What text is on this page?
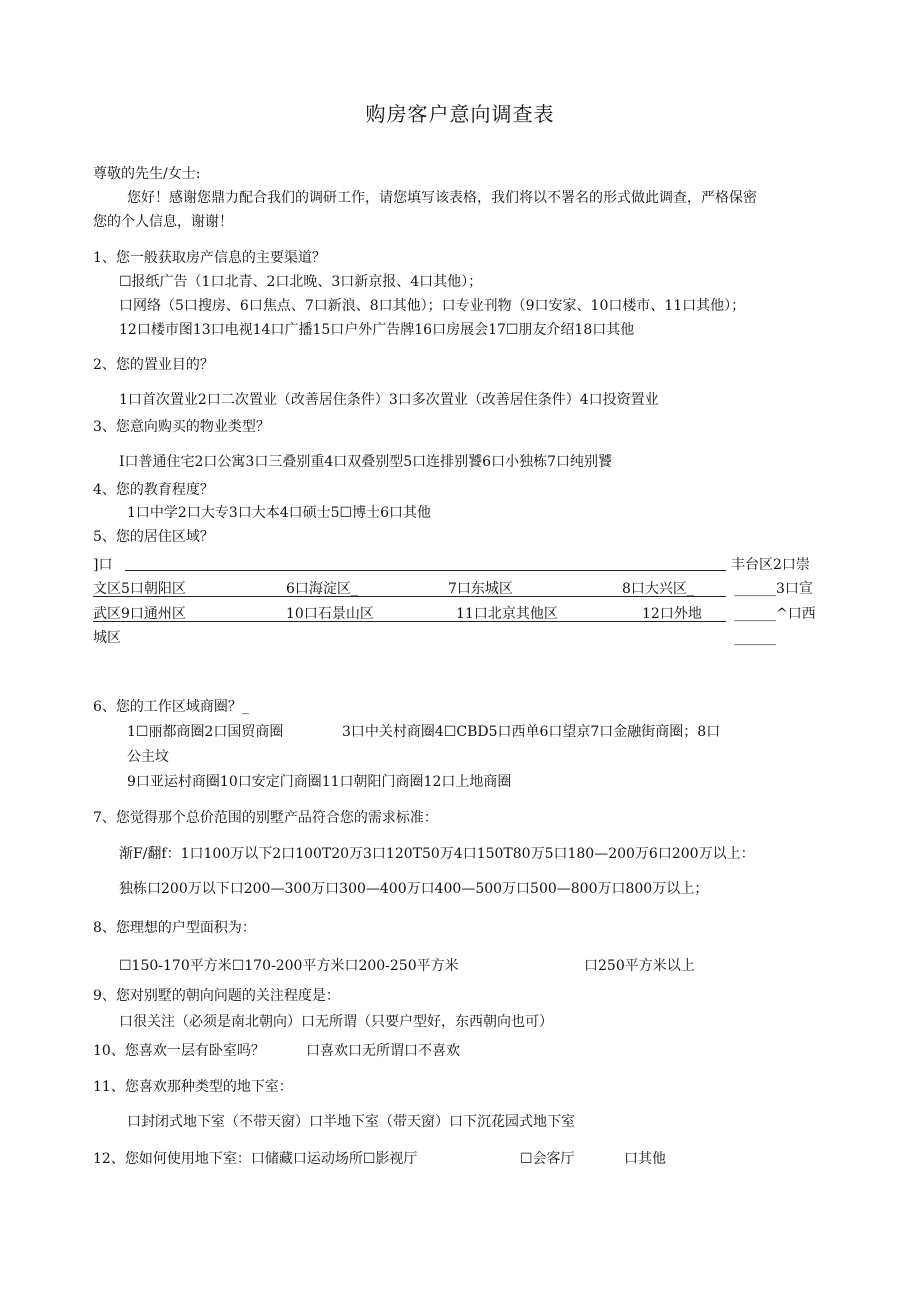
购房客户意向调查表
尊敬的先生/女士:
您好！感谢您鼎力配合我们的调研工作，请您填写该表格，我们将以不署名的形式做此调查，严格保密
您的个人信息，谢谢！
1、您一般获取房产信息的主要渠道？
☐报纸广告（1口北青、2口北晚、3口新京报、4口其他）；
口网络（5口搜房、6口焦点、7口新浪、8口其他）；口专业刊物（9口安家、10口楼市、11口其他）；
12口楼市图13口电视14口广播15口户外广告牌16口房展会17☐朋友介绍18口其他
2、您的置业目的？
1口首次置业2口二次置业（改善居住条件）3口多次置业（改善居住条件）4口投资置业
3、您意向购买的物业类型？
I口普通住宅2口公寓3口三叠别重4口双叠别型5口连排别饕6口小独栋7口纯别饕
4、您的教育程度？
1口中学2口大专3口大本4口硕士5☐博士6口其他
5、您的居住区域？
]口	丰台区2口崇
文区5口朝阳区	6口海淀区_	7口东城区	8口大兴区_	______3口宣
武区9口通州区	10口石景山区	11口北京其他区	12口外地 ______^口西
城区	______
6、您的工作区域商圈？_
1☐丽都商圈2口国贸商圈	3口中关村商圈4☐CBD5口西单6口望京7口金融街商圈；8口
公主坟
9口亚运村商圈10口安定门商圈11口朝阳门商圈12口上地商圈
7、您觉得那个总价范围的别墅产品符合您的需求标准：
渐F/翻f：1口100万以下2口100T20万3口120T50万4口150T80万5口180—200万6口200万以上：
独栋口200万以下口200—300万口300—400万口400—500万口500—800万口800万以上；
8、您理想的户型面积为：
☐150-170平方米☐170-200平方米口200-250平方米	口250平方米以上
9、您对别墅的朝向问题的关注程度是：
口很关注（必须是南北朝向）口无所谓（只要户型好，东西朝向也可）
10、您喜欢一层有卧室吗？	口喜欢口无所谓口不喜欢
11、您喜欢那种类型的地下室：
口封闭式地下室（不带天窗）口半地下室（带天窗）口下沉花园式地下室
12、您如何使用地下室：口储藏口运动场所☐影视厅	☐会客厅	口其他
